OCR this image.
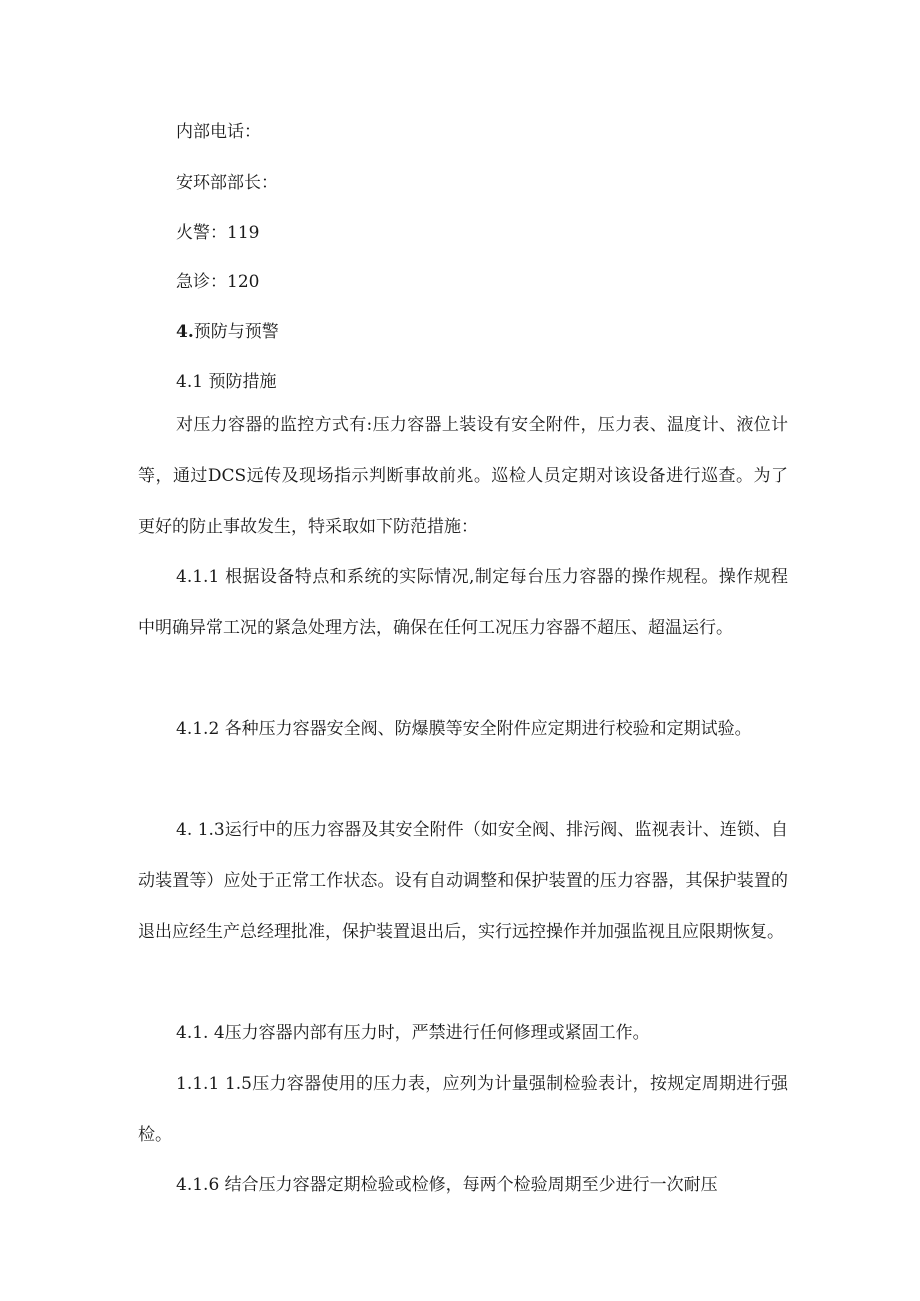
内部电话：
安环部部长：
火警：119
急诊：120
4.预防与预警
4.1 预防措施

对压力容器的监控方式有:压力容器上装设有安全附件，压力表、温度计、液位计等，通过DCS远传及现场指示判断事故前兆。巡检人员定期对该设备进行巡查。为了更好的防止事故发生，特采取如下防范措施：

4.1.1 根据设备特点和系统的实际情况,制定每台压力容器的操作规程。操作规程中明确异常工况的紧急处理方法，确保在任何工况压力容器不超压、超温运行。

4.1.2 各种压力容器安全阀、防爆膜等安全附件应定期进行校验和定期试验。

4. 1.3运行中的压力容器及其安全附件（如安全阀、排污阀、监视表计、连锁、自动装置等）应处于正常工作状态。设有自动调整和保护装置的压力容器，其保护装置的退出应经生产总经理批准，保护装置退出后，实行远控操作并加强监视且应限期恢复。

4.1. 4压力容器内部有压力时，严禁进行任何修理或紧固工作。

1.1.1 1.5压力容器使用的压力表，应列为计量强制检验表计，按规定周期进行强检。

4.1.6 结合压力容器定期检验或检修，每两个检验周期至少进行一次耐压
